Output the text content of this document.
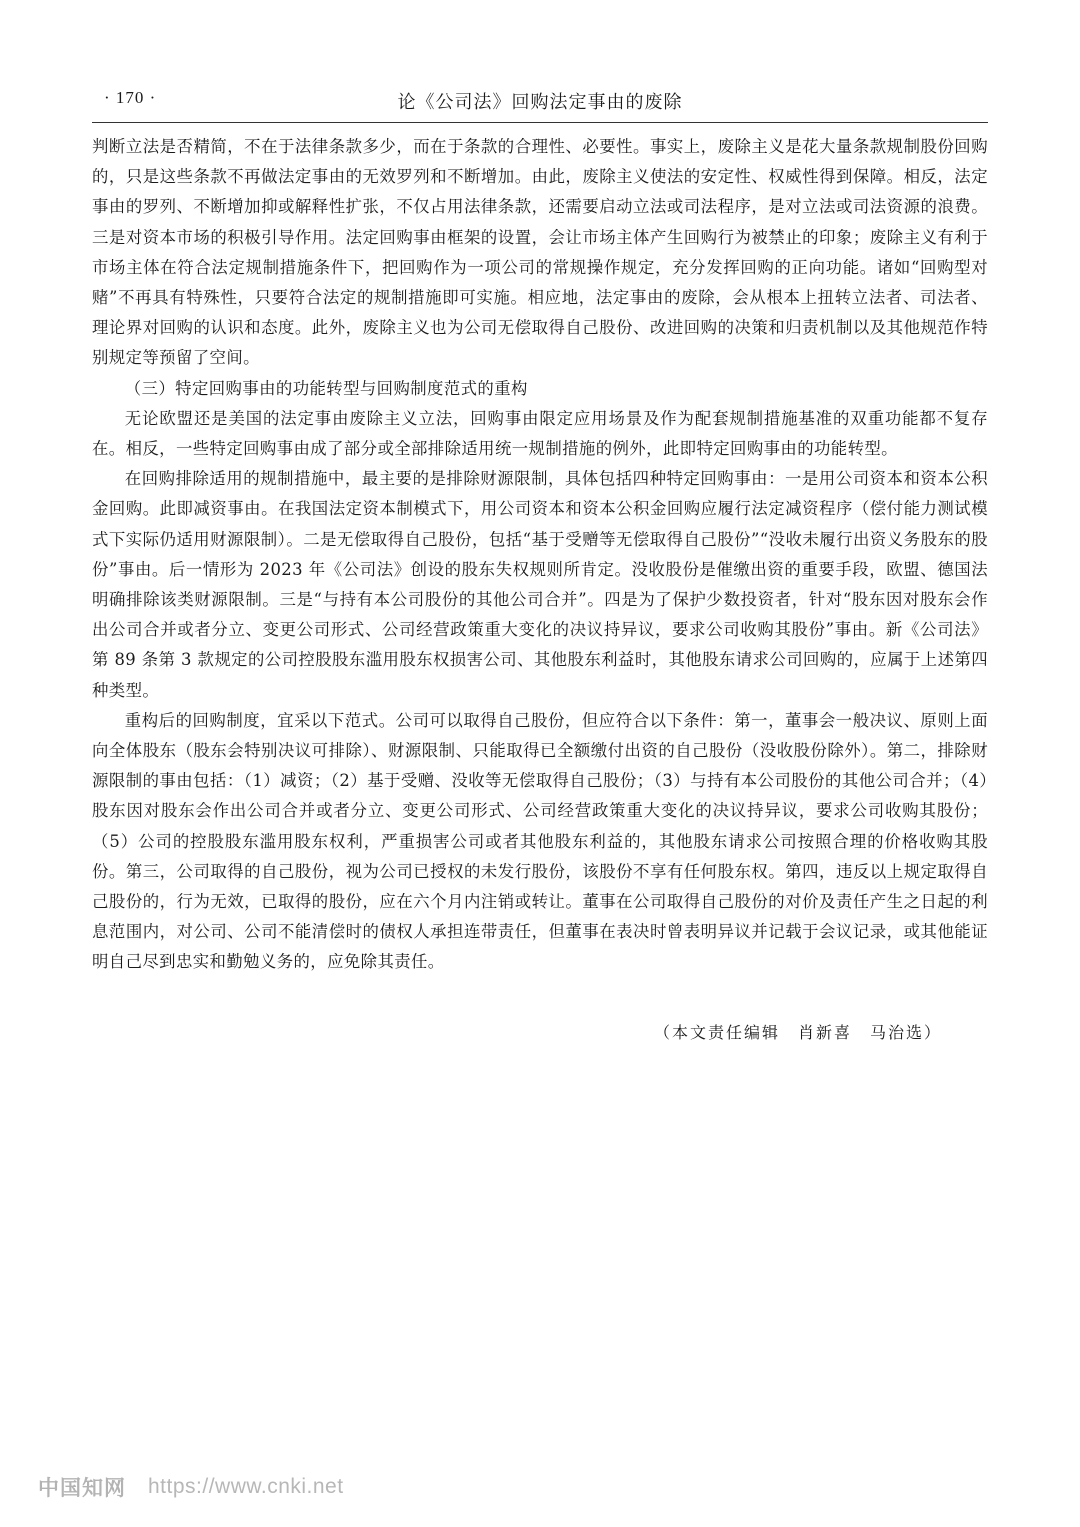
· 170 ·	论《公司法》回购法定事由的废除

判断立法是否精简，不在于法律条款多少，而在于条款的合理性、必要性。事实上，废除主义是花大量条款规制股份回购的，只是这些条款不再做法定事由的无效罗列和不断增加。由此，废除主义使法的安定性、权威性得到保障。相反，法定事由的罗列、不断增加抑或解释性扩张，不仅占用法律条款，还需要启动立法或司法程序，是对立法或司法资源的浪费。三是对资本市场的积极引导作用。法定回购事由框架的设置，会让市场主体产生回购行为被禁止的印象；废除主义有利于市场主体在符合法定规制措施条件下，把回购作为一项公司的常规操作规定，充分发挥回购的正向功能。诸如“回购型对赌”不再具有特殊性，只要符合法定的规制措施即可实施。相应地，法定事由的废除，会从根本上扭转立法者、司法者、理论界对回购的认识和态度。此外，废除主义也为公司无偿取得自己股份、改进回购的决策和归责机制以及其他规范作特别规定等预留了空间。

（三）特定回购事由的功能转型与回购制度范式的重构

无论欧盟还是美国的法定事由废除主义立法，回购事由限定应用场景及作为配套规制措施基准的双重功能都不复存在。相反，一些特定回购事由成了部分或全部排除适用统一规制措施的例外，此即特定回购事由的功能转型。

在回购排除适用的规制措施中，最主要的是排除财源限制，具体包括四种特定回购事由：一是用公司资本和资本公积金回购。此即减资事由。在我国法定资本制模式下，用公司资本和资本公积金回购应履行法定减资程序（偿付能力测试模式下实际仍适用财源限制）。二是无偿取得自己股份，包括“基于受赠等无偿取得自己股份”“没收未履行出资义务股东的股份”事由。后一情形为 2023 年《公司法》创设的股东失权规则所肯定。没收股份是催缴出资的重要手段，欧盟、德国法明确排除该类财源限制。三是“与持有本公司股份的其他公司合并”。四是为了保护少数投资者，针对“股东因对股东会作出公司合并或者分立、变更公司形式、公司经营政策重大变化的决议持异议，要求公司收购其股份”事由。新《公司法》第 89 条第 3 款规定的公司控股股东滥用股东权损害公司、其他股东利益时，其他股东请求公司回购的，应属于上述第四种类型。

重构后的回购制度，宜采以下范式。公司可以取得自己股份，但应符合以下条件：第一，董事会一般决议、原则上面向全体股东（股东会特别决议可排除）、财源限制、只能取得已全额缴付出资的自己股份（没收股份除外）。第二，排除财源限制的事由包括：（1）减资；（2）基于受赠、没收等无偿取得自己股份；（3）与持有本公司股份的其他公司合并；（4）股东因对股东会作出公司合并或者分立、变更公司形式、公司经营政策重大变化的决议持异议，要求公司收购其股份；（5）公司的控股股东滥用股东权利，严重损害公司或者其他股东利益的，其他股东请求公司按照合理的价格收购其股份。第三，公司取得的自己股份，视为公司已授权的未发行股份，该股份不享有任何股东权。第四，违反以上规定取得自己股份的，行为无效，已取得的股份，应在六个月内注销或转让。董事在公司取得自己股份的对价及责任产生之日起的利息范围内，对公司、公司不能清偿时的债权人承担连带责任，但董事在表决时曾表明异议并记载于会议记录，或其他能证明自己尽到忠实和勤勉义务的，应免除其责任。

（本文责任编辑　肖新喜　马治选）
中国知网 https://www.cnki.net
